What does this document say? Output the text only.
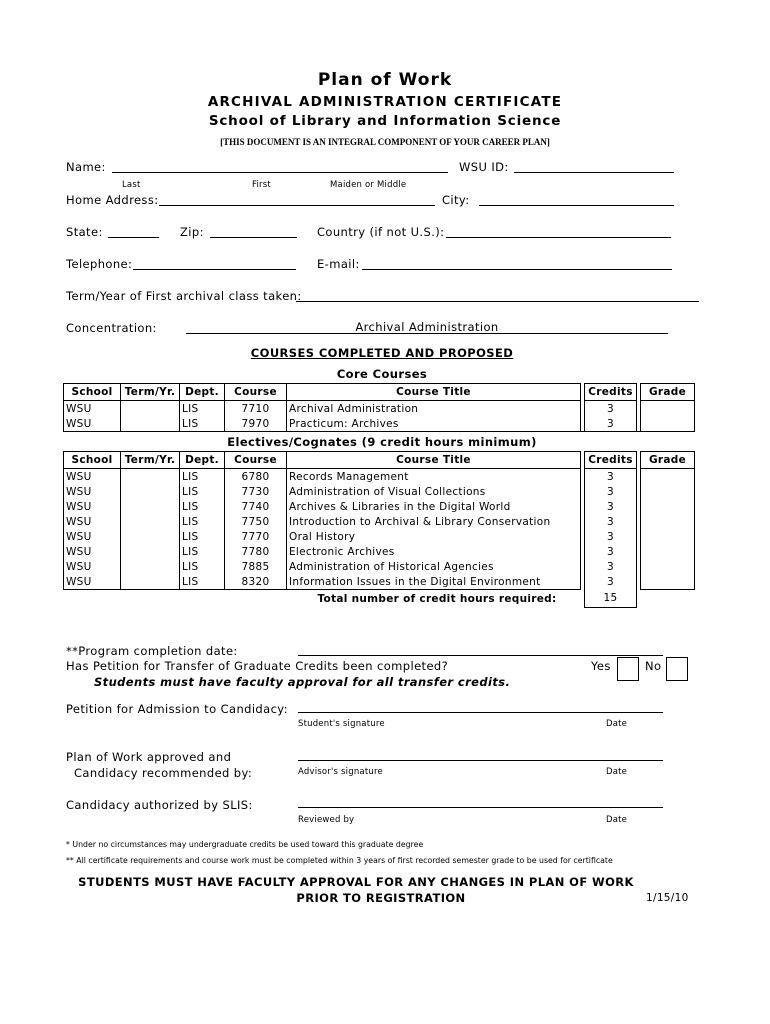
Plan of Work
ARCHIVAL ADMINISTRATION CERTIFICATE
School of Library and Information Science
[THIS DOCUMENT IS AN INTEGRAL COMPONENT OF YOUR CAREER PLAN]
Name:	WSU ID:
Last	First	Maiden or Middle
Home Address:	City:
State:	Zip:	Country (if not U.S.):
Telephone:	E-mail:
Term/Year of First archival class taken:
Concentration:	Archival Administration
COURSES COMPLETED AND PROPOSED
Core Courses
School	Term/Yr.	Dept.	Course	Course Title		Credits		Grade
WSU		LIS	7710	Archival Administration		3		
WSU		LIS	7970	Practicum: Archives		3		
Electives/Cognates (9 credit hours minimum)
School	Term/Yr.	Dept.	Course	Course Title		Credits		Grade
WSU		LIS	6780	Records Management		3		
WSU		LIS	7730	Administration of Visual Collections		3		
WSU		LIS	7740	Archives & Libraries in the Digital World		3		
WSU		LIS	7750	Introduction to Archival & Library Conservation		3		
WSU		LIS	7770	Oral History		3		
WSU		LIS	7780	Electronic Archives		3		
WSU		LIS	7885	Administration of Historical Agencies		3		
WSU		LIS	8320	Information Issues in the Digital Environment		3		
Total number of credit hours required:						15		
**Program completion date:
Has Petition for Transfer of Graduate Credits been completed?	Yes	No
Students must have faculty approval for all transfer credits.
Petition for Admission to Candidacy:
Student's signature	Date
Plan of Work approved and
Candidacy recommended by:	Advisor's signature	Date
Candidacy authorized by SLIS:
Reviewed by	Date
* Under no circumstances may undergraduate credits be used toward this graduate degree
** All certificate requirements and course work must be completed within 3 years of first recorded semester grade to be used for certificate
STUDENTS MUST HAVE FACULTY APPROVAL FOR ANY CHANGES IN PLAN OF WORK
PRIOR TO REGISTRATION	1/15/10
